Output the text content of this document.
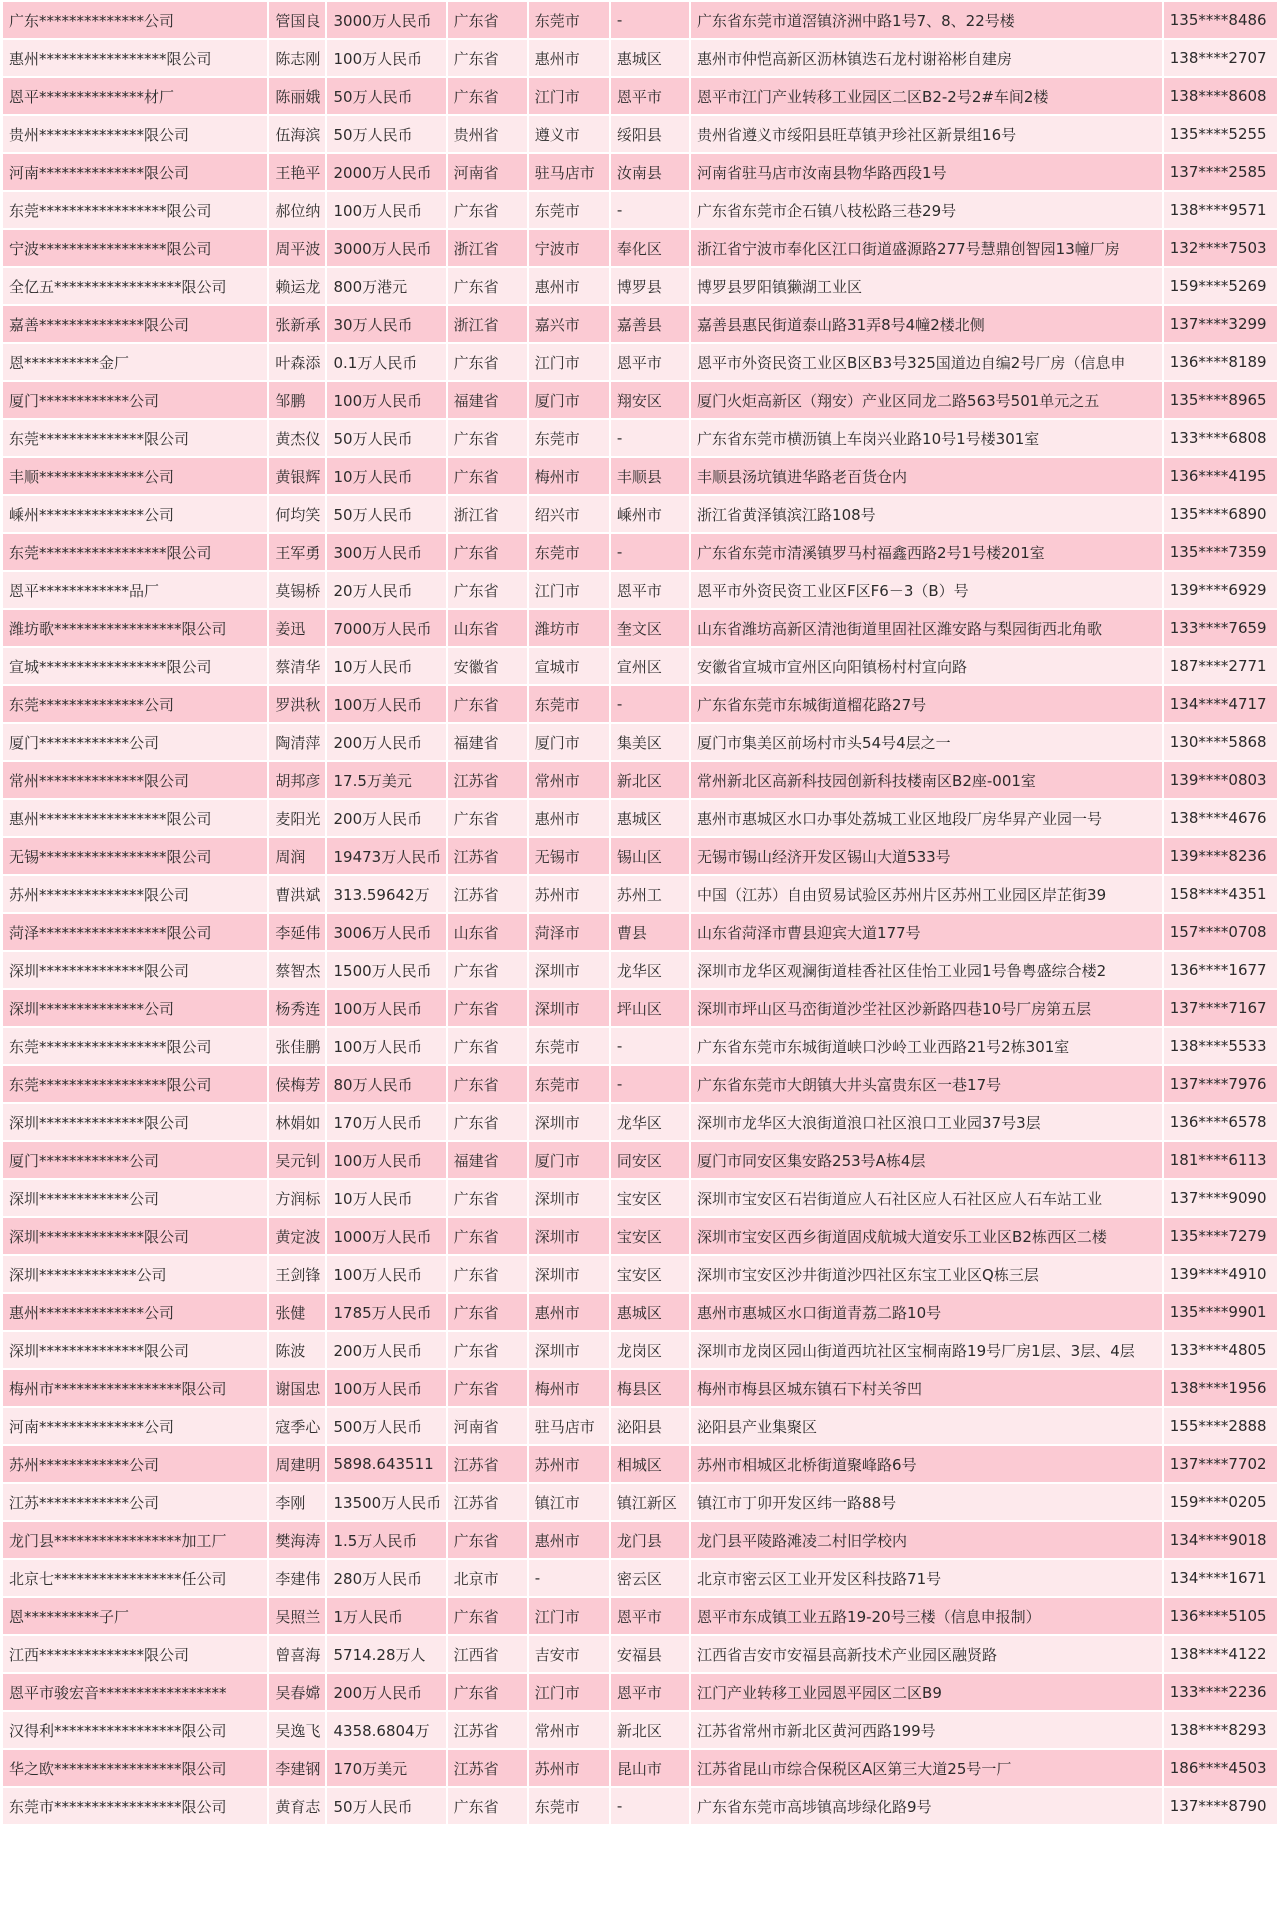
广东**************公司	管国良	3000万人民币	广东省	东莞市	-	广东省东莞市道滘镇济洲中路1号7、8、22号楼	135****8486
惠州*****************限公司	陈志刚	100万人民币	广东省	惠州市	惠城区	惠州市仲恺高新区沥林镇迭石龙村谢裕彬自建房	138****2707
恩平**************材厂	陈丽娥	50万人民币	广东省	江门市	恩平市	恩平市江门产业转移工业园区二区B2-2号2#车间2楼	138****8608
贵州**************限公司	伍海滨	50万人民币	贵州省	遵义市	绥阳县	贵州省遵义市绥阳县旺草镇尹珍社区新景组16号	135****5255
河南**************限公司	王艳平	2000万人民币	河南省	驻马店市	汝南县	河南省驻马店市汝南县物华路西段1号	137****2585
东莞*****************限公司	郝位纳	100万人民币	广东省	东莞市	-	广东省东莞市企石镇八枝松路三巷29号	138****9571
宁波*****************限公司	周平波	3000万人民币	浙江省	宁波市	奉化区	浙江省宁波市奉化区江口街道盛源路277号慧鼎创智园13幢厂房	132****7503
全亿五*****************限公司	赖运龙	800万港元	广东省	惠州市	博罗县	博罗县罗阳镇獭湖工业区	159****5269
嘉善**************限公司	张新承	30万人民币	浙江省	嘉兴市	嘉善县	嘉善县惠民街道泰山路31弄8号4幢2楼北侧	137****3299
恩**********金厂	叶森添	0.1万人民币	广东省	江门市	恩平市	恩平市外资民资工业区B区B3号325国道边自编2号厂房（信息申	136****8189
厦门************公司	邹鹏	100万人民币	福建省	厦门市	翔安区	厦门火炬高新区（翔安）产业区同龙二路563号501单元之五	135****8965
东莞**************限公司	黄杰仪	50万人民币	广东省	东莞市	-	广东省东莞市横沥镇上车岗兴业路10号1号楼301室	133****6808
丰顺**************公司	黄银辉	10万人民币	广东省	梅州市	丰顺县	丰顺县汤坑镇进华路老百货仓内	136****4195
嵊州**************公司	何均笑	50万人民币	浙江省	绍兴市	嵊州市	浙江省黄泽镇滨江路108号	135****6890
东莞*****************限公司	王军勇	300万人民币	广东省	东莞市	-	广东省东莞市清溪镇罗马村福鑫西路2号1号楼201室	135****7359
恩平************品厂	莫锡桥	20万人民币	广东省	江门市	恩平市	恩平市外资民资工业区F区F6－3（B）号	139****6929
潍坊歌*****************限公司	姜迅	7000万人民币	山东省	潍坊市	奎文区	山东省潍坊高新区清池街道里固社区潍安路与梨园街西北角歌	133****7659
宣城*****************限公司	蔡清华	10万人民币	安徽省	宣城市	宣州区	安徽省宣城市宣州区向阳镇杨村村宣向路	187****2771
东莞**************公司	罗洪秋	100万人民币	广东省	东莞市	-	广东省东莞市东城街道榴花路27号	134****4717
厦门************公司	陶清萍	200万人民币	福建省	厦门市	集美区	厦门市集美区前场村市头54号4层之一	130****5868
常州**************限公司	胡邦彦	17.5万美元	江苏省	常州市	新北区	常州新北区高新科技园创新科技楼南区B2座-001室	139****0803
惠州*****************限公司	麦阳光	200万人民币	广东省	惠州市	惠城区	惠州市惠城区水口办事处荔城工业区地段厂房华昇产业园一号	138****4676
无锡*****************限公司	周润	19473万人民币	江苏省	无锡市	锡山区	无锡市锡山经济开发区锡山大道533号	139****8236
苏州**************限公司	曹洪斌	313.59642万	江苏省	苏州市	苏州工	中国（江苏）自由贸易试验区苏州片区苏州工业园区岸芷街39	158****4351
菏泽*****************限公司	李延伟	3006万人民币	山东省	菏泽市	曹县	山东省菏泽市曹县迎宾大道177号	157****0708
深圳**************限公司	蔡智杰	1500万人民币	广东省	深圳市	龙华区	深圳市龙华区观澜街道桂香社区佳怡工业园1号鲁粤盛综合楼2	136****1677
深圳**************公司	杨秀连	100万人民币	广东省	深圳市	坪山区	深圳市坪山区马峦街道沙坣社区沙新路四巷10号厂房第五层	137****7167
东莞*****************限公司	张佳鹏	100万人民币	广东省	东莞市	-	广东省东莞市东城街道峡口沙岭工业西路21号2栋301室	138****5533
东莞*****************限公司	侯梅芳	80万人民币	广东省	东莞市	-	广东省东莞市大朗镇大井头富贵东区一巷17号	137****7976
深圳**************限公司	林娟如	170万人民币	广东省	深圳市	龙华区	深圳市龙华区大浪街道浪口社区浪口工业园37号3层	136****6578
厦门************公司	吴元钊	100万人民币	福建省	厦门市	同安区	厦门市同安区集安路253号A栋4层	181****6113
深圳************公司	方润标	10万人民币	广东省	深圳市	宝安区	深圳市宝安区石岩街道应人石社区应人石社区应人石车站工业	137****9090
深圳**************限公司	黄定波	1000万人民币	广东省	深圳市	宝安区	深圳市宝安区西乡街道固戍航城大道安乐工业区B2栋西区二楼	135****7279
深圳*************公司	王剑锋	100万人民币	广东省	深圳市	宝安区	深圳市宝安区沙井街道沙四社区东宝工业区Q栋三层	139****4910
惠州**************公司	张健	1785万人民币	广东省	惠州市	惠城区	惠州市惠城区水口街道青荔二路10号	135****9901
深圳**************限公司	陈波	200万人民币	广东省	深圳市	龙岗区	深圳市龙岗区园山街道西坑社区宝桐南路19号厂房1层、3层、4层	133****4805
梅州市*****************限公司	谢国忠	100万人民币	广东省	梅州市	梅县区	梅州市梅县区城东镇石下村关爷凹	138****1956
河南**************公司	寇季心	500万人民币	河南省	驻马店市	泌阳县	泌阳县产业集聚区	155****2888
苏州************公司	周建明	5898.643511	江苏省	苏州市	相城区	苏州市相城区北桥街道聚峰路6号	137****7702
江苏************公司	李刚	13500万人民币	江苏省	镇江市	镇江新区	镇江市丁卯开发区纬一路88号	159****0205
龙门县*****************加工厂	樊海涛	1.5万人民币	广东省	惠州市	龙门县	龙门县平陵路滩凌二村旧学校内	134****9018
北京七*****************任公司	李建伟	280万人民币	北京市	-	密云区	北京市密云区工业开发区科技路71号	134****1671
恩**********子厂	吴照兰	1万人民币	广东省	江门市	恩平市	恩平市东成镇工业五路19-20号三楼（信息申报制）	136****5105
江西**************限公司	曾喜海	5714.28万人	江西省	吉安市	安福县	江西省吉安市安福县高新技术产业园区融贤路	138****4122
恩平市骏宏音*****************	吴春嫦	200万人民币	广东省	江门市	恩平市	江门产业转移工业园恩平园区二区B9	133****2236
汉得利*****************限公司	吴逸飞	4358.6804万	江苏省	常州市	新北区	江苏省常州市新北区黄河西路199号	138****8293
华之欧*****************限公司	李建钢	170万美元	江苏省	苏州市	昆山市	江苏省昆山市综合保税区A区第三大道25号一厂	186****4503
东莞市*****************限公司	黄育志	50万人民币	广东省	东莞市	-	广东省东莞市高埗镇高埗绿化路9号	137****8790
